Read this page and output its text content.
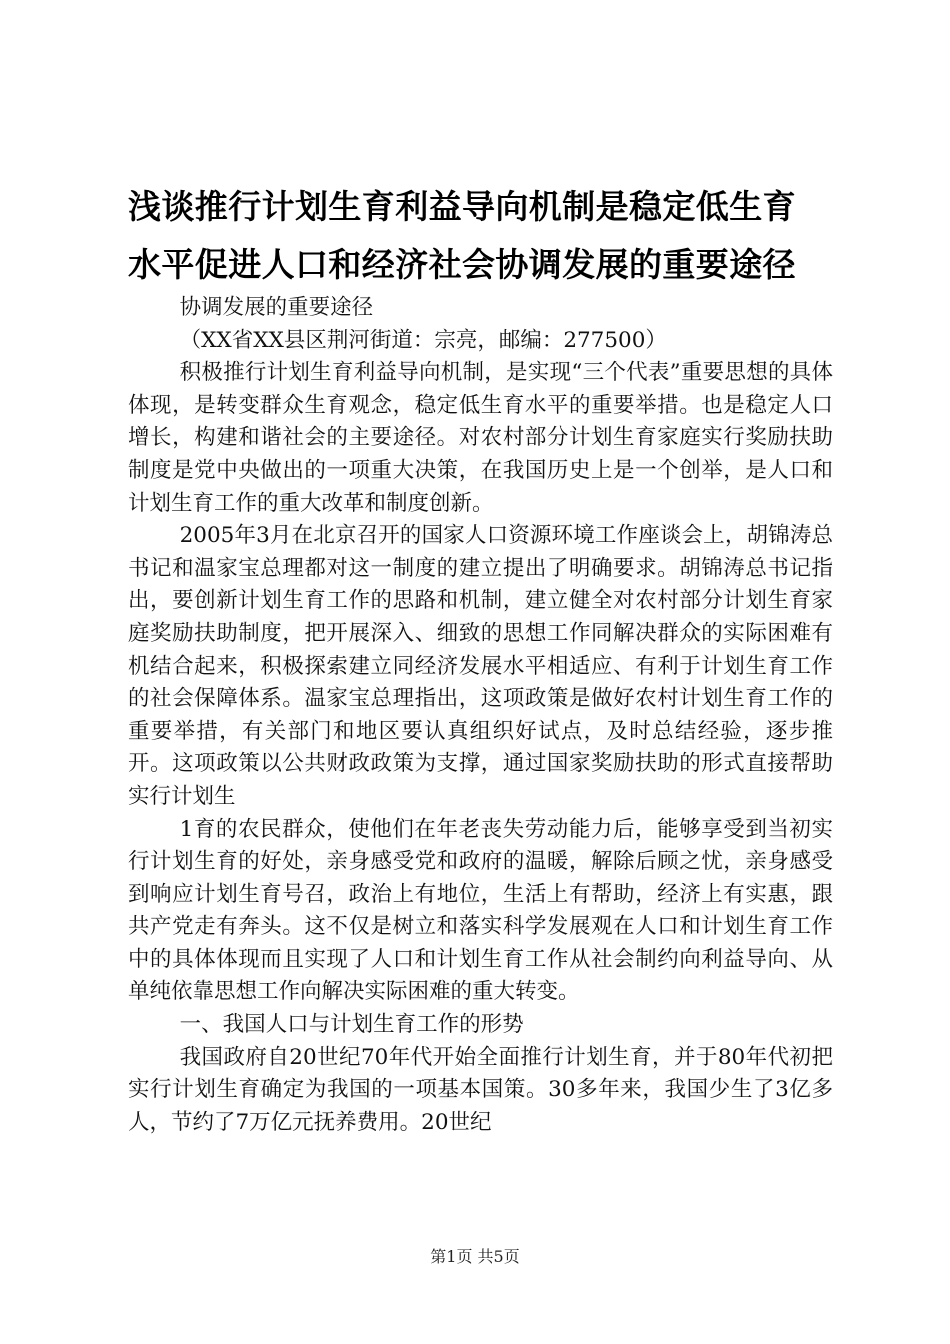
浅谈推行计划生育利益导向机制是稳定低生育
水平促进人口和经济社会协调发展的重要途径

协调发展的重要途径

（XX省XX县区荆河街道：宗亮，邮编：277500）

积极推行计划生育利益导向机制，是实现“三个代表”重要思想的具体体现，是转变群众生育观念，稳定低生育水平的重要举措。也是稳定人口增长，构建和谐社会的主要途径。对农村部分计划生育家庭实行奖励扶助制度是党中央做出的一项重大决策，在我国历史上是一个创举，是人口和计划生育工作的重大改革和制度创新。

2005年3月在北京召开的国家人口资源环境工作座谈会上，胡锦涛总书记和温家宝总理都对这一制度的建立提出了明确要求。胡锦涛总书记指出，要创新计划生育工作的思路和机制，建立健全对农村部分计划生育家庭奖励扶助制度，把开展深入、细致的思想工作同解决群众的实际困难有机结合起来，积极探索建立同经济发展水平相适应、有利于计划生育工作的社会保障体系。温家宝总理指出，这项政策是做好农村计划生育工作的重要举措，有关部门和地区要认真组织好试点，及时总结经验，逐步推开。这项政策以公共财政政策为支撑，通过国家奖励扶助的形式直接帮助实行计划生

1育的农民群众，使他们在年老丧失劳动能力后，能够享受到当初实行计划生育的好处，亲身感受党和政府的温暖，解除后顾之忧，亲身感受到响应计划生育号召，政治上有地位，生活上有帮助，经济上有实惠，跟共产党走有奔头。这不仅是树立和落实科学发展观在人口和计划生育工作中的具体体现而且实现了人口和计划生育工作从社会制约向利益导向、从单纯依靠思想工作向解决实际困难的重大转变。

一、我国人口与计划生育工作的形势

我国政府自20世纪70年代开始全面推行计划生育，并于80年代初把实行计划生育确定为我国的一项基本国策。30多年来，我国少生了3亿多人，节约了7万亿元抚养费用。20世纪

第1页 共5页
